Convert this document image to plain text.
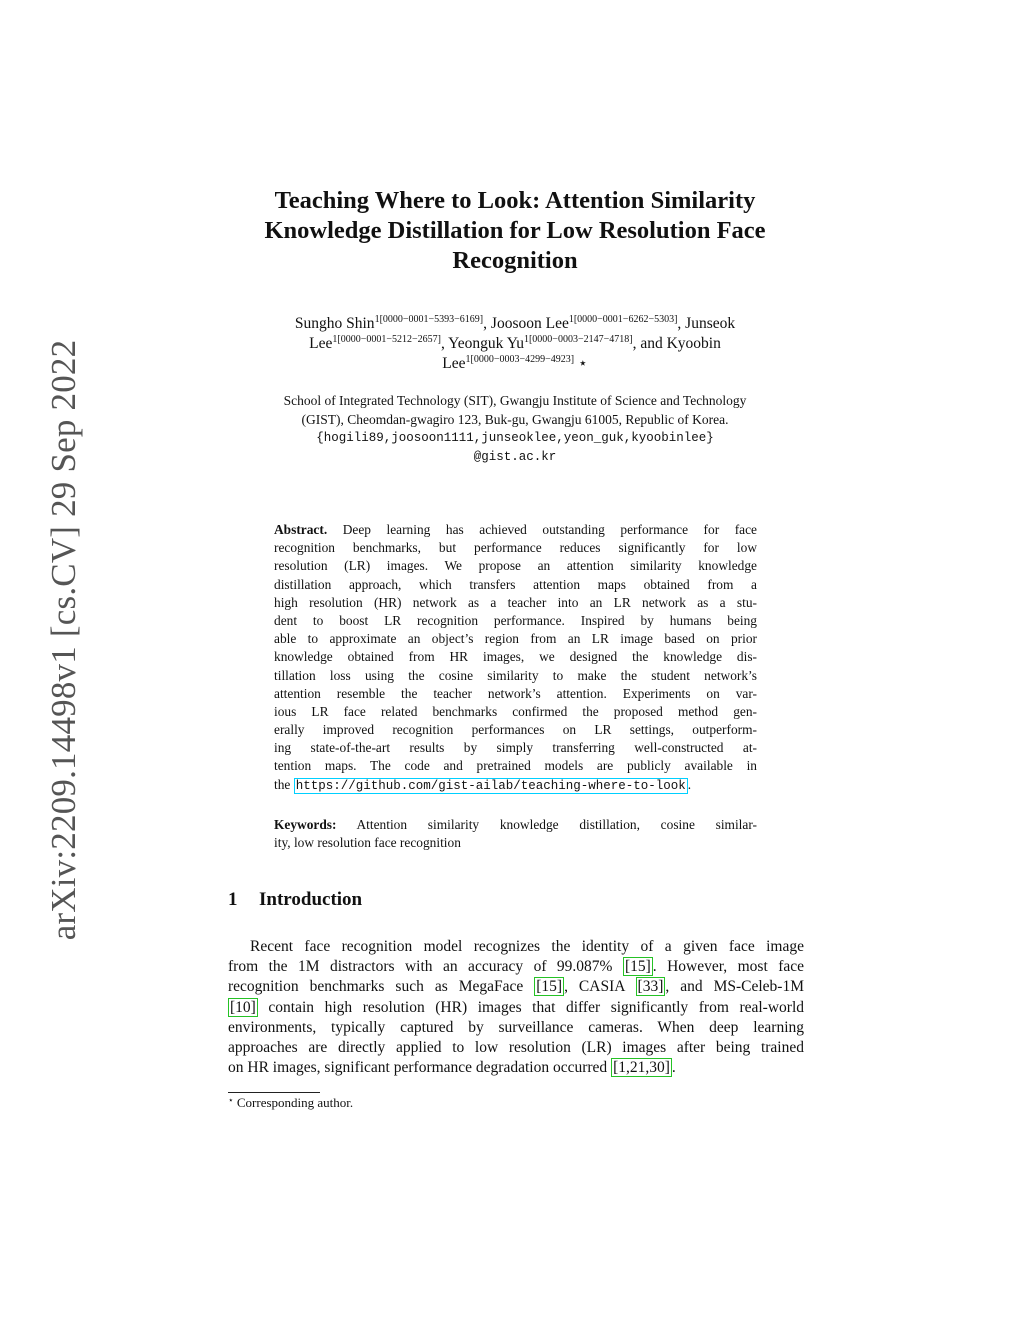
arXiv:2209.14498v1 [cs.CV] 29 Sep 2022
Teaching Where to Look: Attention Similarity
Knowledge Distillation for Low Resolution Face
Recognition
Sungho Shin$^{1[0000-0001-5393-6169]}$, Joosoon Lee$^{1[0000-0001-6262-5303]}$, Junseok
Lee$^{1[0000-0001-5212-2657]}$, Yeonguk $Yu^{1[0000-0003-2147-4718]}$, and Kyoobin
Lee$^{1[0000-0003-4299-4923]}$ ⋆
School of Integrated Technology (SIT), Gwangju Institute of Science and Technology
(GIST), Cheomdan-gwagiro 123, Buk-gu, Gwangju 61005, Republic of Korea.
{hogili89,joosoon1111,junseoklee,yeon_guk,kyoobinlee}
@gist.ac.kr
Abstract. Deep learning has achieved outstanding performance for face
recognition benchmarks, but performance reduces significantly for low
resolution (LR) images. We propose an attention similarity knowledge
distillation approach, which transfers attention maps obtained from a
high resolution (HR) network as a teacher into an LR network as a stu-
dent to boost LR recognition performance. Inspired by humans being
able to approximate an object’s region from an LR image based on prior
knowledge obtained from HR images, we designed the knowledge dis-
tillation loss using the cosine similarity to make the student network’s
attention resemble the teacher network’s attention. Experiments on var-
ious LR face related benchmarks confirmed the proposed method gen-
erally improved recognition performances on LR settings, outperform-
ing state-of-the-art results by simply transferring well-constructed at-
tention maps. The code and pretrained models are publicly available in
the https://github.com/gist-ailab/teaching-where-to-look .
Keywords: Attention similarity knowledge distillation, cosine similar-
ity, low resolution face recognition
1 Introduction
Recent face recognition model recognizes the identity of a given face image
from the 1M distractors with an accuracy of 99.087% [15] . However, most face
recognition benchmarks such as MegaFace [15] , CASIA [33] , and MS-Celeb-1M
[10] contain high resolution (HR) images that differ significantly from real-world
environments, typically captured by surveillance cameras. When deep learning
approaches are directly applied to low resolution (LR) images after being trained
on HR images, significant performance degradation occurred [1,21,30] .
⋆ Corresponding author.
